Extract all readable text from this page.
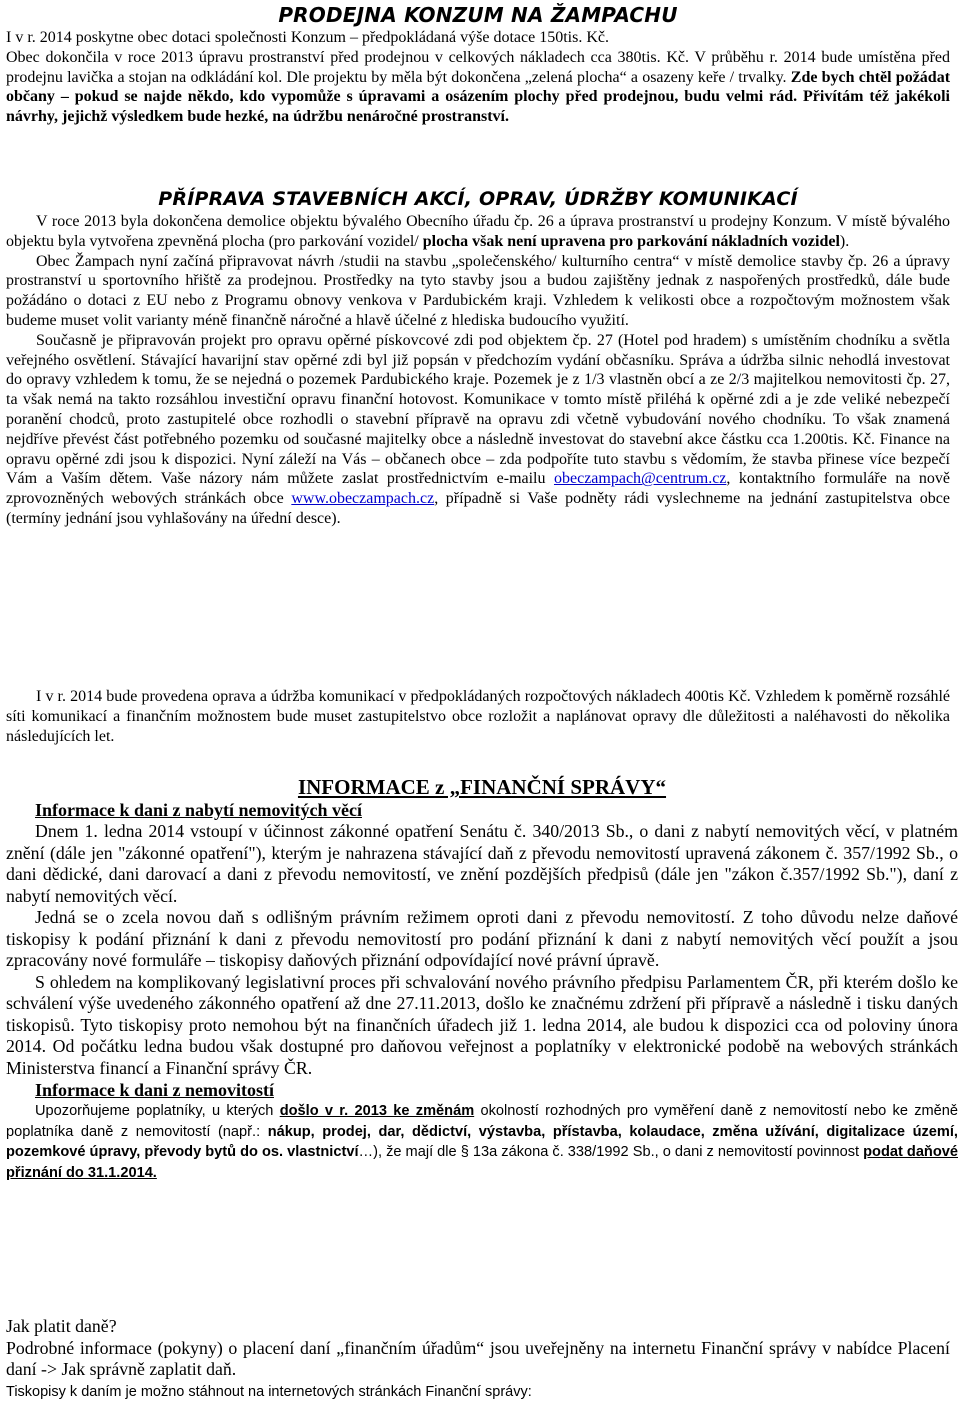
PRODEJNA KONZUM NA ŽAMPACHU

I v r. 2014 poskytne obec dotaci společnosti Konzum – předpokládaná výše dotace 150tis. Kč.

Obec dokončila v roce 2013 úpravu prostranství před prodejnou v celkových nákladech cca 380tis. Kč. V průběhu r. 2014 bude umístěna před prodejnu lavička a stojan na odkládání kol. Dle projektu by měla být dokončena „zelená plocha“ a osazeny keře / trvalky. Zde bych chtěl požádat občany – pokud se najde někdo, kdo vypomůže s úpravami a osázením plochy před prodejnou, budu velmi rád. Přivítám též jakékoli návrhy, jejichž výsledkem bude hezké, na údržbu nenáročné prostranství.

PŘÍPRAVA STAVEBNÍCH AKCÍ, OPRAV, ÚDRŽBY KOMUNIKACÍ

V roce 2013 byla dokončena demolice objektu bývalého Obecního úřadu čp. 26 a úprava prostranství u prodejny Konzum. V místě bývalého objektu byla vytvořena zpevněná plocha (pro parkování vozidel/ plocha však není upravena pro parkování nákladních vozidel).

Obec Žampach nyní začíná připravovat návrh /studii na stavbu „společenského/ kulturního centra“ v místě demolice stavby čp. 26 a úpravy prostranství u sportovního hřiště za prodejnou. Prostředky na tyto stavby jsou a budou zajištěny jednak z naspořených prostředků, dále bude požádáno o dotaci z EU nebo z Programu obnovy venkova v Pardubickém kraji. Vzhledem k velikosti obce a rozpočtovým možnostem však budeme muset volit varianty méně finančně náročné a hlavě účelné z hlediska budoucího využití.

Současně je připravován projekt pro opravu opěrné pískovcové zdi pod objektem čp. 27 (Hotel pod hradem) s umístěním chodníku a světla veřejného osvětlení. Stávající havarijní stav opěrné zdi byl již popsán v předchozím vydání občasníku. Správa a údržba silnic nehodlá investovat do opravy vzhledem k tomu, že se nejedná o pozemek Pardubického kraje. Pozemek je z 1/3 vlastněn obcí a ze 2/3 majitelkou nemovitosti čp. 27, ta však nemá na takto rozsáhlou investiční opravu finanční hotovost. Komunikace v tomto místě přiléhá k opěrné zdi a je zde veliké nebezpečí poranění chodců, proto zastupitelé obce rozhodli o stavební přípravě na opravu zdi včetně vybudování nového chodníku. To však znamená nejdříve převést část potřebného pozemku od současné majitelky obce a následně investovat do stavební akce částku cca 1.200tis. Kč. Finance na opravu opěrné zdi jsou k dispozici. Nyní záleží na Vás – občanech obce – zda podpoříte tuto stavbu s vědomím, že stavba přinese více bezpečí Vám a Vaším dětem. Vaše názory nám můžete zaslat prostřednictvím e-mailu obeczampach@centrum.cz, kontaktního formuláře na nově zprovozněných webových stránkách obce www.obeczampach.cz, případně si Vaše podněty rádi vyslechneme na jednání zastupitelstva obce (termíny jednání jsou vyhlašovány na úřední desce).

I v r. 2014 bude provedena oprava a údržba komunikací v předpokládaných rozpočtových nákladech 400tis Kč. Vzhledem k poměrně rozsáhlé síti komunikací a finančním možnostem bude muset zastupitelstvo obce rozložit a naplánovat opravy dle důležitosti a naléhavosti do několika následujících let.

INFORMACE z „FINANČNÍ SPRÁVY“

Informace k dani z nabytí nemovitých věcí

Dnem 1. ledna 2014 vstoupí v účinnost zákonné opatření Senátu č. 340/2013 Sb., o dani z nabytí nemovitých věcí, v platném znění (dále jen "zákonné opatření"), kterým je nahrazena stávající daň z převodu nemovitostí upravená zákonem č. 357/1992 Sb., o dani dědické, dani darovací a dani z převodu nemovitostí, ve znění pozdějších předpisů (dále jen "zákon č.357/1992 Sb."), daní z nabytí nemovitých věcí.

Jedná se o zcela novou daň s odlišným právním režimem oproti dani z převodu nemovitostí. Z toho důvodu nelze daňové tiskopisy k podání přiznání k dani z převodu nemovitostí pro podání přiznání k dani z nabytí nemovitých věcí použít a jsou zpracovány nové formuláře – tiskopisy daňových přiznání odpovídající nové právní úpravě.

S ohledem na komplikovaný legislativní proces při schvalování nového právního předpisu Parlamentem ČR, při kterém došlo ke schválení výše uvedeného zákonného opatření až dne 27.11.2013, došlo ke značnému zdržení při přípravě a následně i tisku daných tiskopisů. Tyto tiskopisy proto nemohou být na finančních úřadech již 1. ledna 2014, ale budou k dispozici cca od poloviny února 2014. Od počátku ledna budou však dostupné pro daňovou veřejnost a poplatníky v elektronické podobě na webových stránkách Ministerstva financí a Finanční správy ČR.

Informace k dani z nemovitostí

Upozorňujeme poplatníky, u kterých došlo v r. 2013 ke změnám okolností rozhodných pro vyměření daně z nemovitostí nebo ke změně poplatníka daně z nemovitostí (např.: nákup, prodej, dar, dědictví, výstavba, přístavba, kolaudace, změna užívání, digitalizace území, pozemkové úpravy, převody bytů do os. vlastnictví…), že mají dle § 13a zákona č. 338/1992 Sb., o dani z nemovitostí povinnost podat daňové přiznání do 31.1.2014.

Jak platit daně?

Podrobné informace (pokyny) o placení daní „finančním úřadům“ jsou uveřejněny na internetu Finanční správy v nabídce Placení daní -> Jak správně zaplatit daň.

Tiskopisy k daním je možno stáhnout na internetových stránkách Finanční správy:
